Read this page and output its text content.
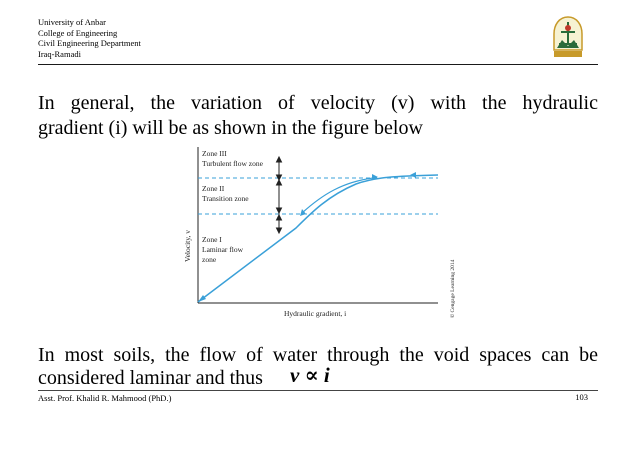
University of Anbar
College of Engineering
Civil Engineering Department
Iraq-Ramadi
In general, the variation of velocity (v) with the hydraulic
gradient (i) will be as shown in the figure below
Zone III
Turbulent flow zone
Zone II
Transition zone
Zone I
Laminar flow
zone
Velocity, v
Hydraulic gradient, i	© Cengage Learning 2014
In most soils, the flow of water through the void spaces can be
considered laminar and thus v ∝ i
Asst. Prof. Khalid R. Mahmood (PhD.)	103
